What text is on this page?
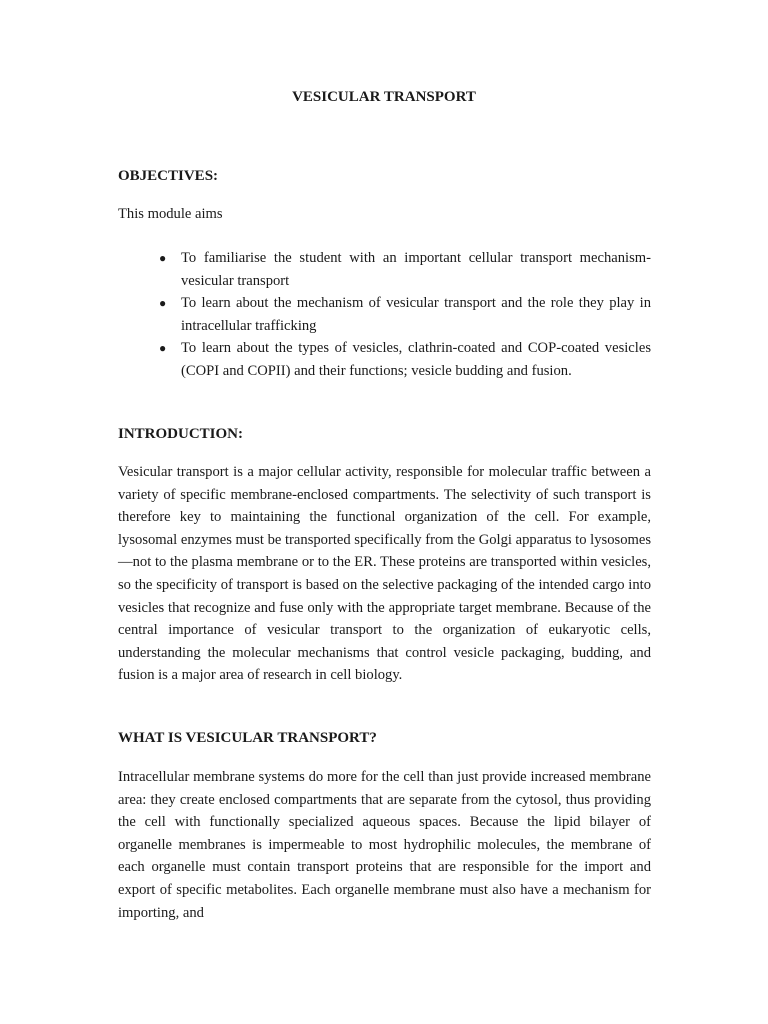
VESICULAR TRANSPORT
OBJECTIVES:

This module aims

● To familiarise the student with an important cellular transport mechanism-vesicular transport
● To learn about the mechanism of vesicular transport and the role they play in intracellular trafficking
● To learn about the types of vesicles, clathrin-coated and COP-coated vesicles (COPI and COPII) and their functions; vesicle budding and fusion.
INTRODUCTION:

Vesicular transport is a major cellular activity, responsible for molecular traffic between a variety of specific membrane-enclosed compartments. The selectivity of such transport is therefore key to maintaining the functional organization of the cell. For example, lysosomal enzymes must be transported specifically from the Golgi apparatus to lysosomes—not to the plasma membrane or to the ER. These proteins are transported within vesicles, so the specificity of transport is based on the selective packaging of the intended cargo into vesicles that recognize and fuse only with the appropriate target membrane. Because of the central importance of vesicular transport to the organization of eukaryotic cells, understanding the molecular mechanisms that control vesicle packaging, budding, and fusion is a major area of research in cell biology.

WHAT IS VESICULAR TRANSPORT?

Intracellular membrane systems do more for the cell than just provide increased membrane area: they create enclosed compartments that are separate from the cytosol, thus providing the cell with functionally specialized aqueous spaces. Because the lipid bilayer of organelle membranes is impermeable to most hydrophilic molecules, the membrane of each organelle must contain transport proteins that are responsible for the import and export of specific metabolites. Each organelle membrane must also have a mechanism for importing, and
